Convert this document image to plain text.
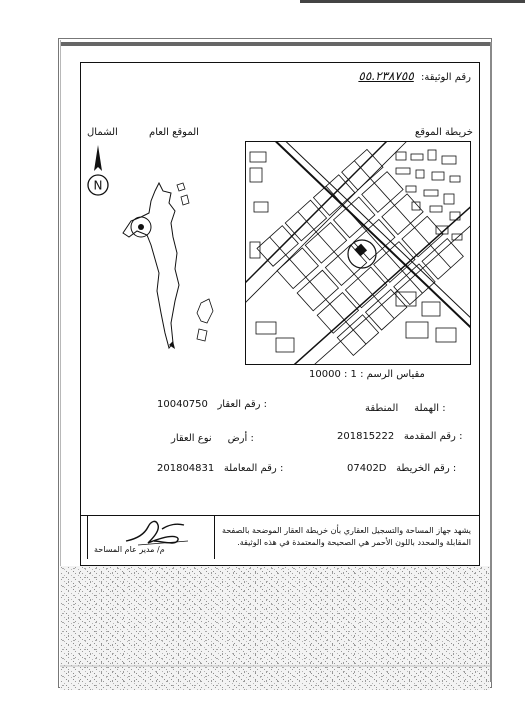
رقم الوثيقة: ٥٥.٢٣٨٧٥٥
الشمال	الموقع العام	خريطة الموقع
N
مقياس الرسم : 1 : 10000
10040750 رقم العقار :
أرض     نوع العقار :
201804831 رقم المعاملة :
الهملة     المنطقة :
201815222 رقم المقدمة :
07402D رقم الخريطة :
م/ مدير عام المساحة
يشهد جهاز المساحة والتسجيل العقاري بأن خريطة العقار الموضحة بالصفحة
المقابلة والمحدد باللون الأحمر هي الصحيحة والمعتمدة في هذه الوثيقة.
